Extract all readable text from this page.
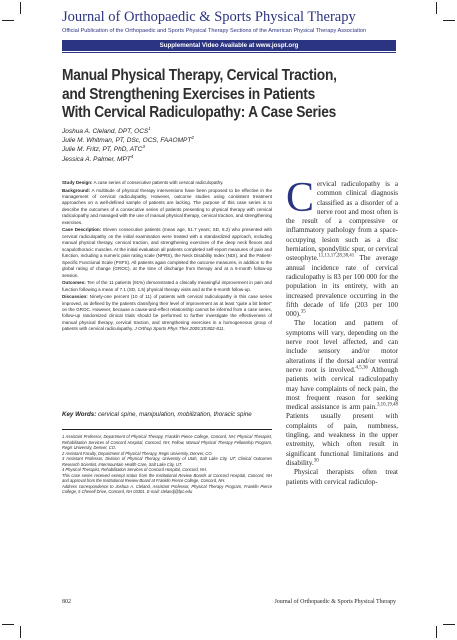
Journal of Orthopaedic & Sports Physical Therapy
Official Publication of the Orthopaedic and Sports Physical Therapy Sections of the American Physical Therapy Association
Supplemental Video Available at www.jospt.org
Manual Physical Therapy, Cervical Traction,
and Strengthening Exercises in Patients
With Cervical Radiculopathy: A Case Series
Joshua A. Cleland, DPT, OCS$^1$
Julie M. Whitman, PT, DSc, OCS, FAAOMPT$^2$
Julie M. Fritz, PT, PhD, ATC$^3$
Jessica A. Palmer, MPT$^4$

Study Design: A case series of consecutive patients with cervical radiculopathy.

Background: A multitude of physical therapy interventions have been proposed to be effective in the management of cervical radiculopathy. However, outcome studies using consistent treatment approaches on a well-defined sample of patients are lacking. The purpose of this case series is to describe the outcomes of a consecutive series of patients presenting to physical therapy with cervical radiculopathy and managed with the use of manual physical therapy, cervical traction, and strengthening exercises.

Case Description: Eleven consecutive patients (mean age, 51.7 years; SD, 8.2) who presented with cervical radiculopathy on the initial examination were treated with a standardized approach, including manual physical therapy, cervical traction, and strengthening exercises of the deep neck flexors and scapulothoracic muscles. At the initial evaluation all patients completed self-report measures of pain and function, including a numeric pain rating scale (NPRS), the Neck Disability Index (NDI), and the Patient-Specific Functional Scale (PSFS). All patients again completed the outcome measures, in addition to the global rating of change (GROC), at the time of discharge from therapy and at a 6-month follow-up session.

Outcomes: Ten of the 11 patients (91%) demonstrated a clinically meaningful improvement in pain and function following a mean of 7.1 (SD, 1.5) physical therapy visits and at the 6-month follow-up.

Discussion: Ninety-one percent (10 of 11) of patients with cervical radiculopathy in this case series improved, as defined by the patients classifying their level of improvement as at least "quite a bit better" on the GROC. However, because a cause-and-effect relationship cannot be inferred from a case series, follow-up randomized clinical trials should be performed to further investigate the effectiveness of manual physical therapy, cervical traction, and strengthening exercises in a homogeneous group of patients with cervical radiculopathy. J Orthop Sports Phys Ther 2005;35:802-811.

Key Words: cervical spine, manipulation, mobilization, thoracic spine

1 Assistant Professor, Department of Physical Therapy, Franklin Pierce College, Concord, NH; Physical Therapist, Rehabilitation Services of Concord Hospital, Concord, NH; Fellow, Manual Physical Therapy Fellowship Program, Regis University, Denver, CO.

2 Assistant Faculty, Department of Physical Therapy, Regis University, Denver, CO.

3 Assistant Professor, Division of Physical Therapy, University of Utah, Salt Lake City, UT; Clinical Outcomes Research Scientist, Intermountain Health Care, Salt Lake City, UT.

4 Physical Therapist, Rehabilitation Services of Concord Hospital, Concord, NH.

This case series received exempt status from the Institutional Review Boards at Concord Hospital, Concord, NH and approval from the Institutional Review Board at Franklin Pierce College, Concord, NH.

Address correspondence to Joshua A. Cleland, Assistant Professor, Physical Therapy Program, Franklin Pierce College, 5 Chenell Drive, Concord, NH 03301. E-mail: clelandj@fpc.edu

Cervical radiculopathy is a common clinical diagnosis classified as a disorder of a nerve root and most often is the result of a compressive or inflammatory pathology from a space-occupying lesion such as a disc herniation, spondylitic spur, or cervical osteophyte.$^{11,13,17,28,38,41}$ The average annual incidence rate of cervical radiculopathy is 83 per 100 000 for the population in its entirety, with an increased prevalence occurring in the fifth decade of life (203 per 100 000).$^{35}$

The location and pattern of symptoms will vary, depending on the nerve root level affected, and can include sensory and/or motor alterations if the dorsal and/or ventral nerve root is involved.$^{4,5,36}$ Although patients with cervical radiculopathy may have complaints of neck pain, the most frequent reason for seeking medical assistance is arm pain.$^{3,10,19,48}$ Patients usually present with complaints of pain, numbness, tingling, and weakness in the upper extremity, which often result in significant functional limitations and disability.$^{30}$

Physical therapists often treat patients with cervical radiculop-

802	Journal of Orthopaedic & Sports Physical Therapy
